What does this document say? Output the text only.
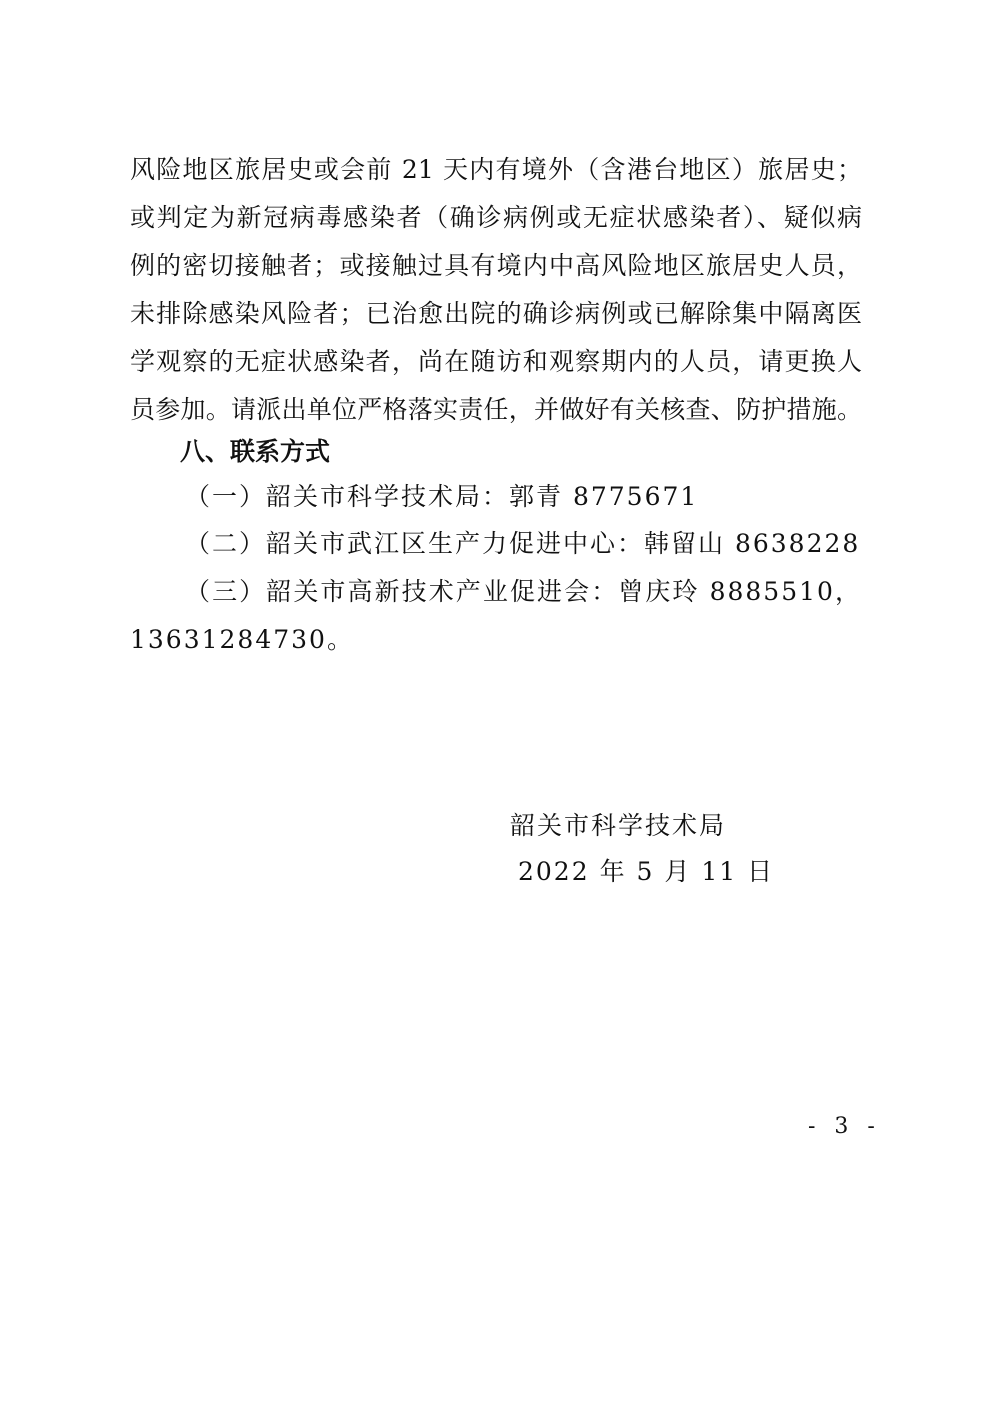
风险地区旅居史或会前 21 天内有境外（含港台地区）旅居史；
或判定为新冠病毒感染者（确诊病例或无症状感染者）、疑似病
例的密切接触者；或接触过具有境内中高风险地区旅居史人员，
未排除感染风险者；已治愈出院的确诊病例或已解除集中隔离医
学观察的无症状感染者，尚在随访和观察期内的人员，请更换人
员参加。请派出单位严格落实责任，并做好有关核查、防护措施。
八、联系方式
（一）韶关市科学技术局：郭青 8775671
（二）韶关市武江区生产力促进中心：韩留山 8638228
（三）韶关市高新技术产业促进会：曾庆玲 8885510，
13631284730。
韶关市科学技术局
2022 年 5 月 11 日
- 3 -
